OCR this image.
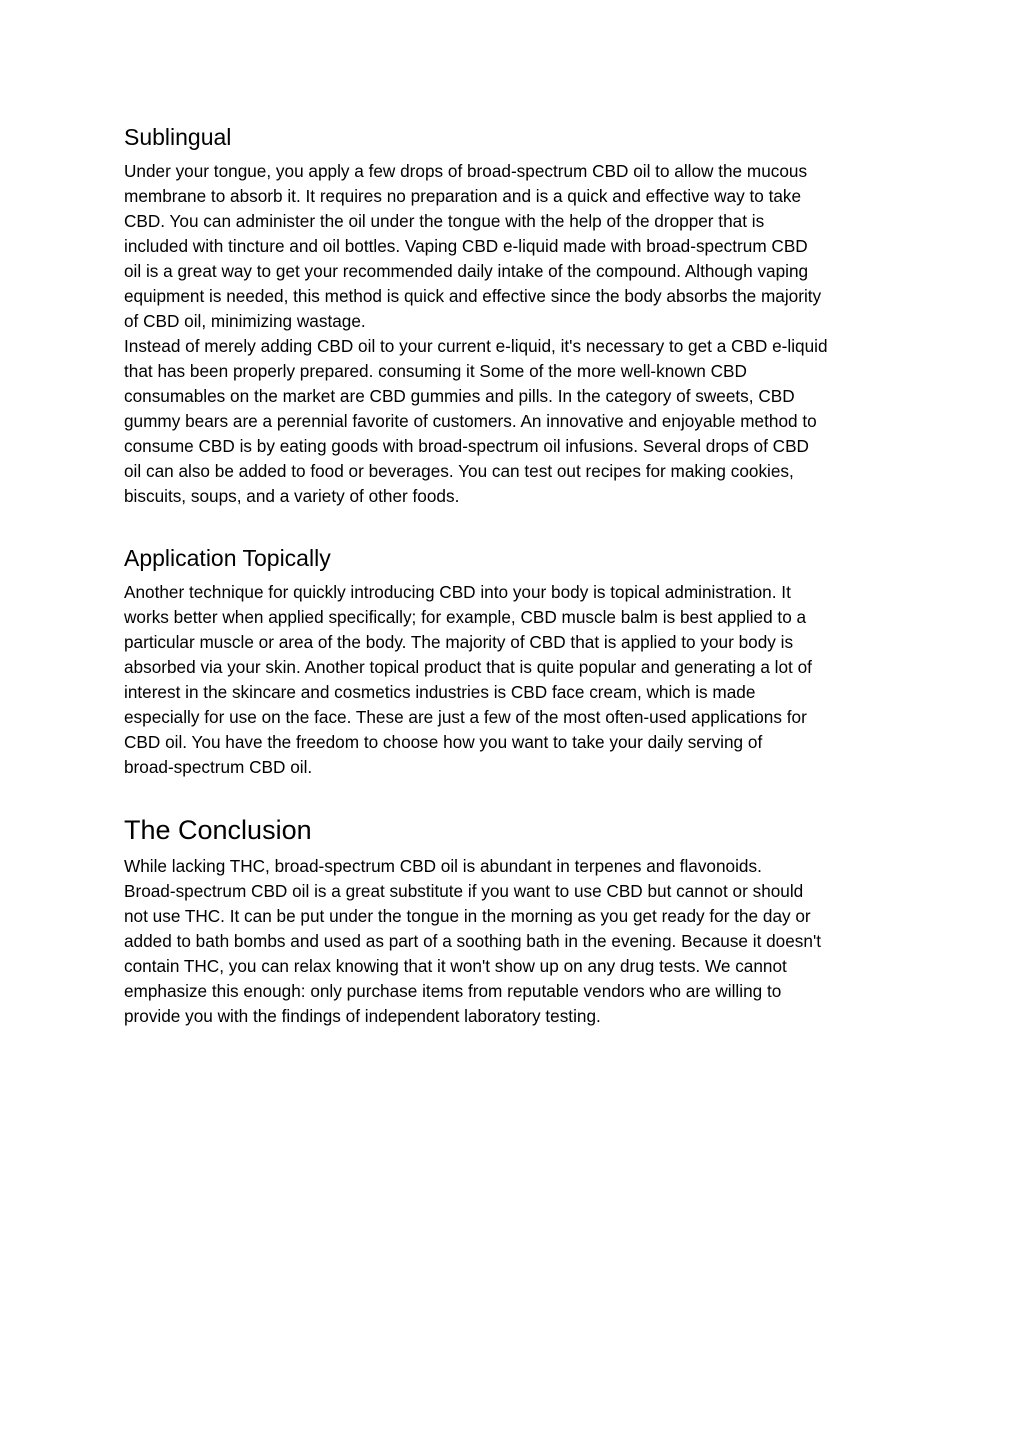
Sublingual

Under your tongue, you apply a few drops of broad-spectrum CBD oil to allow the mucous
membrane to absorb it. It requires no preparation and is a quick and effective way to take
CBD. You can administer the oil under the tongue with the help of the dropper that is
included with tincture and oil bottles. Vaping CBD e-liquid made with broad-spectrum CBD
oil is a great way to get your recommended daily intake of the compound. Although vaping
equipment is needed, this method is quick and effective since the body absorbs the majority
of CBD oil, minimizing wastage.
Instead of merely adding CBD oil to your current e-liquid, it's necessary to get a CBD e-liquid
that has been properly prepared. consuming it Some of the more well-known CBD
consumables on the market are CBD gummies and pills. In the category of sweets, CBD
gummy bears are a perennial favorite of customers. An innovative and enjoyable method to
consume CBD is by eating goods with broad-spectrum oil infusions. Several drops of CBD
oil can also be added to food or beverages. You can test out recipes for making cookies,
biscuits, soups, and a variety of other foods.

Application Topically

Another technique for quickly introducing CBD into your body is topical administration. It
works better when applied specifically; for example, CBD muscle balm is best applied to a
particular muscle or area of the body. The majority of CBD that is applied to your body is
absorbed via your skin. Another topical product that is quite popular and generating a lot of
interest in the skincare and cosmetics industries is CBD face cream, which is made
especially for use on the face. These are just a few of the most often-used applications for
CBD oil. You have the freedom to choose how you want to take your daily serving of
broad-spectrum CBD oil.

The Conclusion

While lacking THC, broad-spectrum CBD oil is abundant in terpenes and flavonoids.
Broad-spectrum CBD oil is a great substitute if you want to use CBD but cannot or should
not use THC. It can be put under the tongue in the morning as you get ready for the day or
added to bath bombs and used as part of a soothing bath in the evening. Because it doesn't
contain THC, you can relax knowing that it won't show up on any drug tests. We cannot
emphasize this enough: only purchase items from reputable vendors who are willing to
provide you with the findings of independent laboratory testing.
